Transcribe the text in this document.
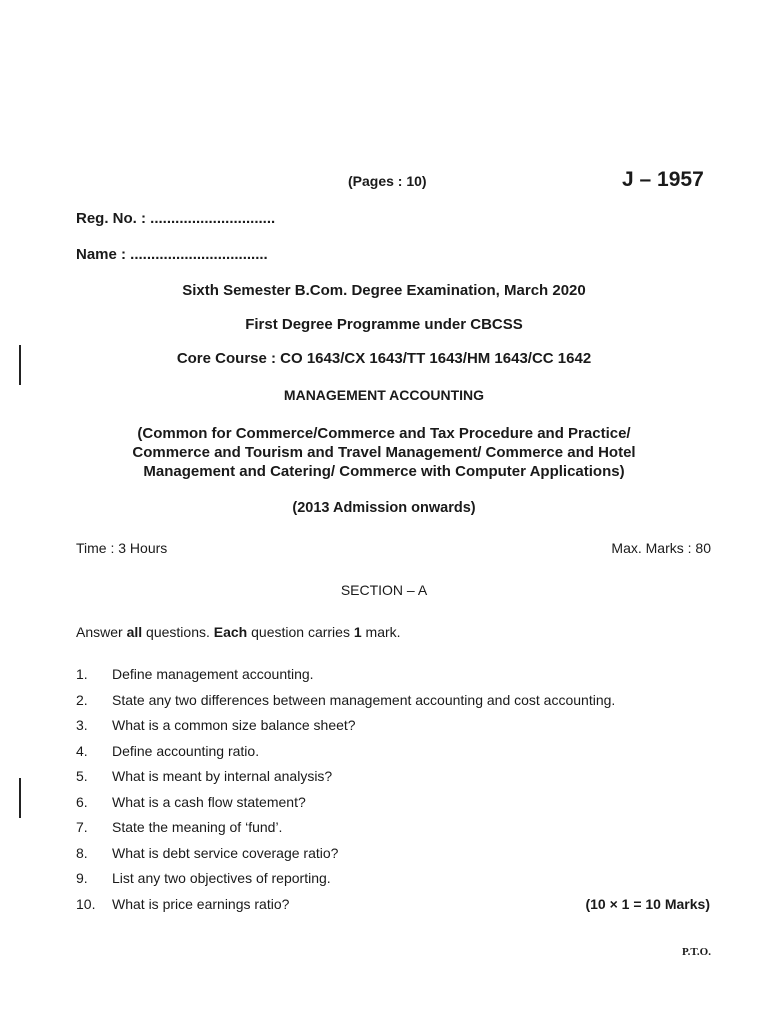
(Pages : 10)	J – 1957
Reg. No. : ..............................
Name : .................................
Sixth Semester B.Com. Degree Examination, March 2020
First Degree Programme under CBCSS
Core Course : CO 1643/CX 1643/TT 1643/HM 1643/CC 1642
MANAGEMENT ACCOUNTING
(Common for Commerce/Commerce and Tax Procedure and Practice/
Commerce and Tourism and Travel Management/ Commerce and Hotel
Management and Catering/ Commerce with Computer Applications)
(2013 Admission onwards)
Time : 3 Hours	Max. Marks : 80
SECTION – A
Answer all questions. Each question carries 1 mark.
1.	Define management accounting.
2.	State any two differences between management accounting and cost accounting.
3.	What is a common size balance sheet?
4.	Define accounting ratio.
5.	What is meant by internal analysis?
6.	What is a cash flow statement?
7.	State the meaning of ‘fund’.
8.	What is debt service coverage ratio?
9.	List any two objectives of reporting.
10.	What is price earnings ratio?	(10 × 1 = 10 Marks)
P.T.O.
